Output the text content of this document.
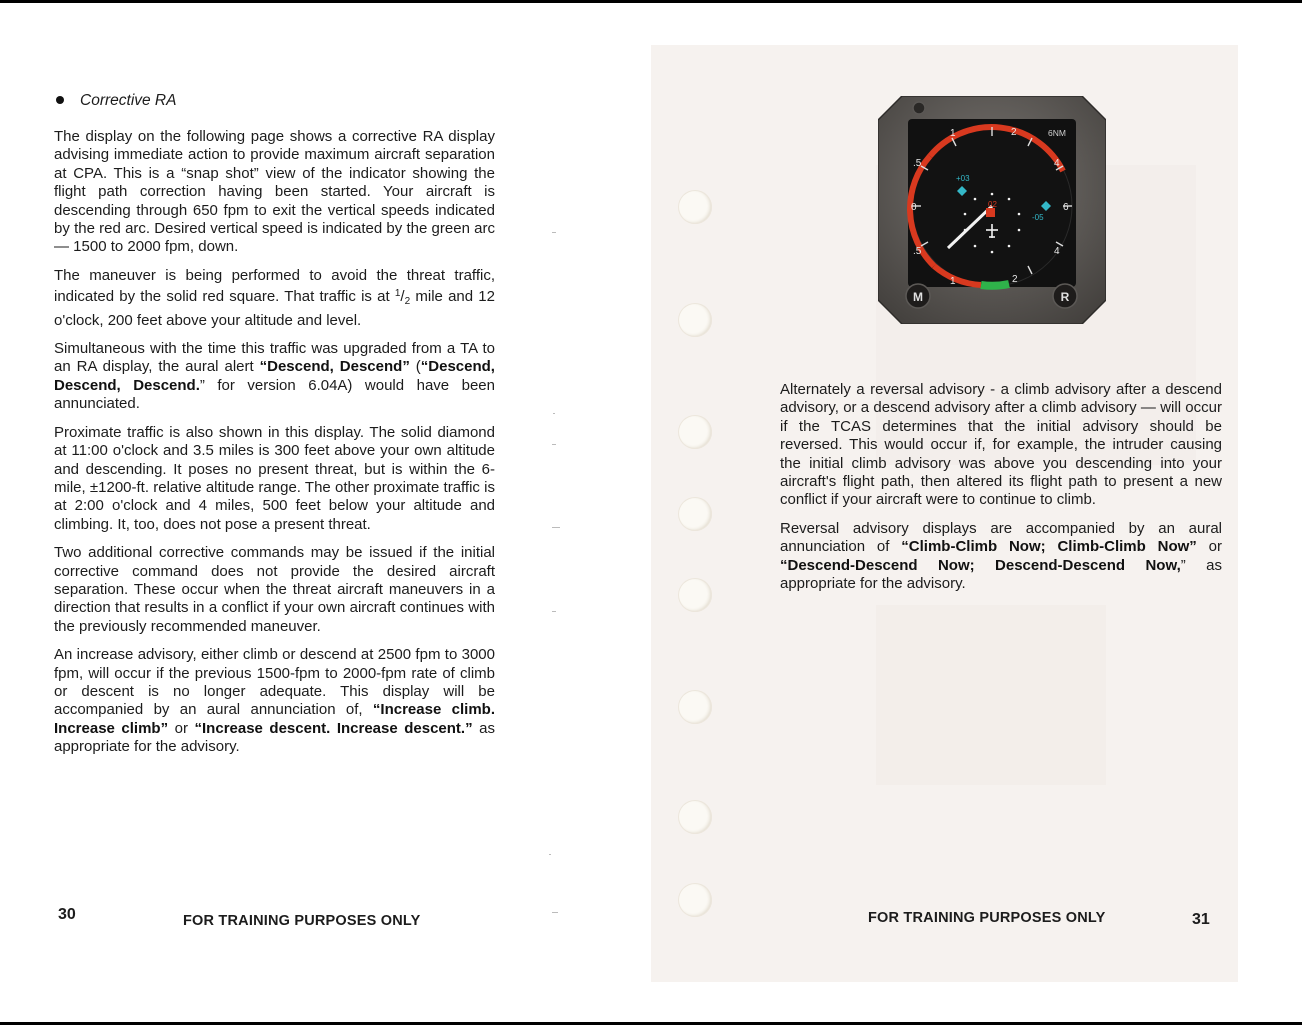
Corrective RA

The display on the following page shows a corrective RA display advising immediate action to provide maximum aircraft separation at CPA. This is a “snap shot” view of the indicator showing the flight path correction having been started. Your aircraft is descending through 650 fpm to exit the vertical speeds indicated by the red arc. Desired vertical speed is indicated by the green arc — 1500 to 2000 fpm, down.

The maneuver is being performed to avoid the threat traffic, indicated by the solid red square. That traffic is at $^1/_2$ mile and 12 o'clock, 200 feet above your altitude and level.

Simultaneous with the time this traffic was upgraded from a TA to an RA display, the aural alert “Descend, Descend” (“Descend, Descend, Descend.” for version 6.04A) would have been annunciated.

Proximate traffic is also shown in this display. The solid diamond at 11:00 o'clock and 3.5 miles is 300 feet above your own altitude and descending. It poses no present threat, but is within the 6-mile, ±1200-ft. relative altitude range. The other proximate traffic is at 2:00 o'clock and 4 miles, 500 feet below your altitude and climbing. It, too, does not pose a present threat.

Two additional corrective commands may be issued if the initial corrective command does not provide the desired aircraft separation. These occur when the threat aircraft maneuvers in a direction that results in a conflict if your own aircraft continues with the previously recommended maneuver.

An increase advisory, either climb or descend at 2500 fpm to 3000 fpm, will occur if the previous 1500-fpm to 2000-fpm rate of climb or descent is no longer adequate. This display will be accompanied by an aural annunciation of, “Increase climb. Increase climb” or “Increase descent. Increase descent.” as appropriate for the advisory.

30	FOR TRAINING PURPOSES ONLY
1	2
4
6
4
2
1
.5
0
.5
6NM
02
+03
-05
M	R

Alternately a reversal advisory - a climb advisory after a descend advisory, or a descend advisory after a climb advisory — will occur if the TCAS determines that the initial advisory should be reversed. This would occur if, for example, the intruder causing the initial climb advisory was above you descending into your aircraft's flight path, then altered its flight path to present a new conflict if your aircraft were to continue to climb.

Reversal advisory displays are accompanied by an aural annunciation of “Climb-Climb Now; Climb-Climb Now” or “Descend-Descend Now; Descend-Descend Now,” as appropriate for the advisory.

FOR TRAINING PURPOSES ONLY	31
